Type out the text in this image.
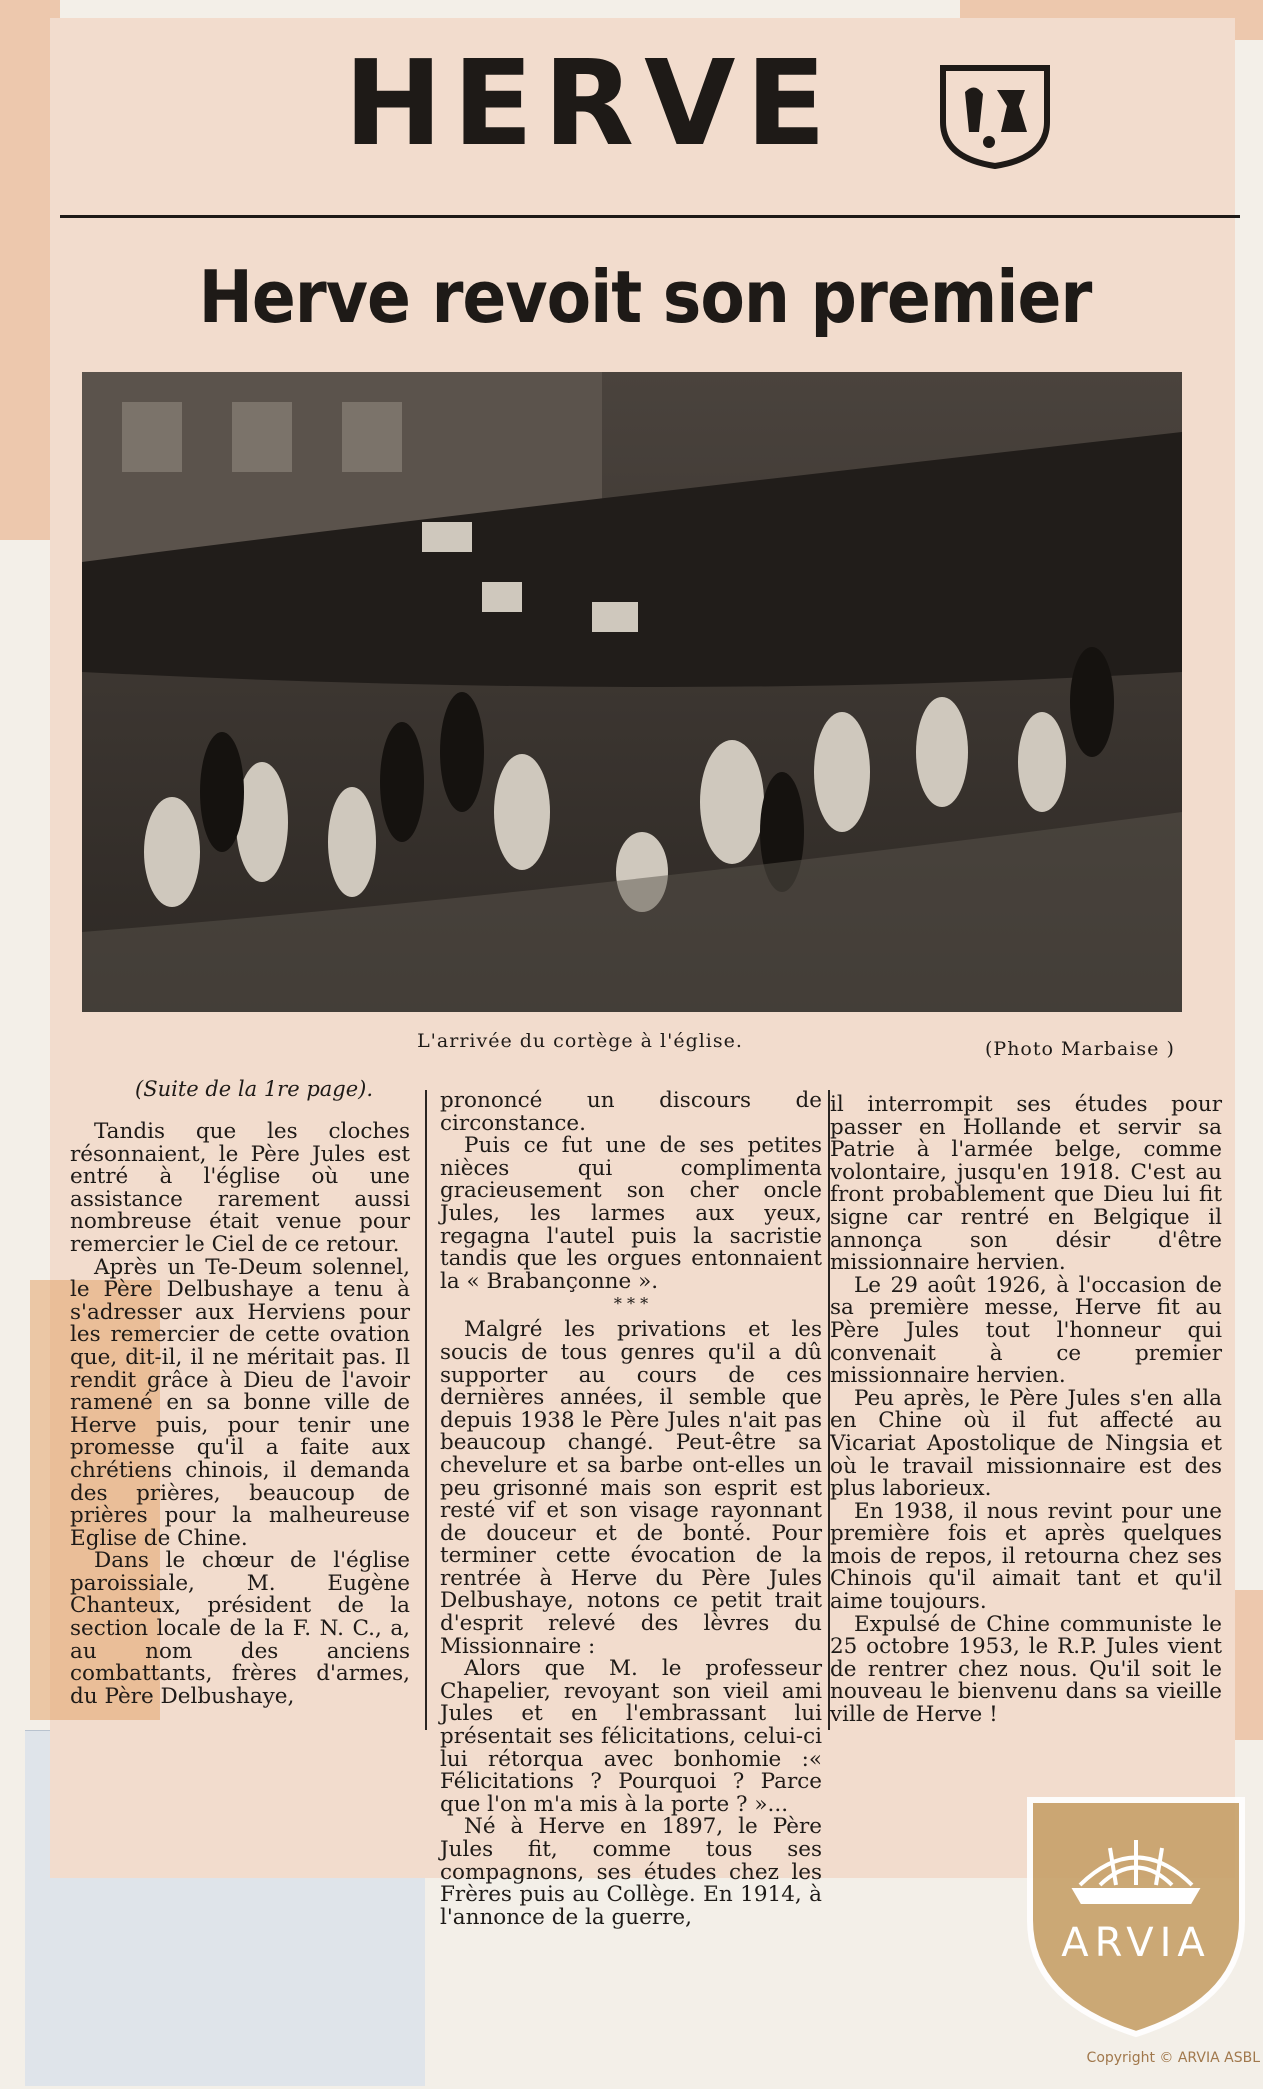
HERVE
Herve revoit son premier
L'arrivée du cortège à l'église.	(Photo Marbaise )
(Suite de la 1re page).

Tandis que les cloches résonnaient, le Père Jules est entré à l'église où une assistance rarement aussi nombreuse était venue pour remercier le Ciel de ce retour.

Après un Te-Deum solennel, le Père Delbushaye a tenu à s'adresser aux Herviens pour les remercier de cette ovation que, dit-il, il ne méritait pas. Il rendit grâce à Dieu de l'avoir ramené en sa bonne ville de Herve puis, pour tenir une promesse qu'il a faite aux chrétiens chinois, il demanda des prières, beaucoup de prières pour la malheureuse Eglise de Chine.

Dans le chœur de l'église paroissiale, M. Eugène Chanteux, président de la section locale de la F. N. C., a, au nom des anciens combattants, frères d'armes, du Père Delbushaye,

prononcé un discours de circonstance.

Puis ce fut une de ses petites nièces qui complimenta gracieusement son cher oncle Jules, les larmes aux yeux, regagna l'autel puis la sacristie tandis que les orgues entonnaient la « Brabançonne ».

* * *

Malgré les privations et les soucis de tous genres qu'il a dû supporter au cours de ces dernières années, il semble que depuis 1938 le Père Jules n'ait pas beaucoup changé. Peut-être sa chevelure et sa barbe ont-elles un peu grisonné mais son esprit est resté vif et son visage rayonnant de douceur et de bonté. Pour terminer cette évocation de la rentrée à Herve du Père Jules Delbushaye, notons ce petit trait d'esprit relevé des lèvres du Missionnaire :

Alors que M. le professeur Chapelier, revoyant son vieil ami Jules et en l'embrassant lui présentait ses félicitations, celui-ci lui rétorqua avec bonhomie :« Félicitations ? Pourquoi ? Parce que l'on m'a mis à la porte ? »...

Né à Herve en 1897, le Père Jules fit, comme tous ses compagnons, ses études chez les Frères puis au Collège. En 1914, à l'annonce de la guerre,

il interrompit ses études pour passer en Hollande et servir sa Patrie à l'armée belge, comme volontaire, jusqu'en 1918. C'est au front probablement que Dieu lui fit signe car rentré en Belgique il annonça son désir d'être missionnaire hervien.

Le 29 août 1926, à l'occasion de sa première messe, Herve fit au Père Jules tout l'honneur qui convenait à ce premier missionnaire hervien.

Peu après, le Père Jules s'en alla en Chine où il fut affecté au Vicariat Apostolique de Ningsia et où le travail missionnaire est des plus laborieux.

En 1938, il nous revint pour une première fois et après quelques mois de repos, il retourna chez ses Chinois qu'il aimait tant et qu'il aime toujours.

Expulsé de Chine communiste le 25 octobre 1953, le R.P. Jules vient de rentrer chez nous. Qu'il soit le nouveau le bienvenu dans sa vieille ville de Herve !

ARVIA
Copyright © ARVIA ASBL
